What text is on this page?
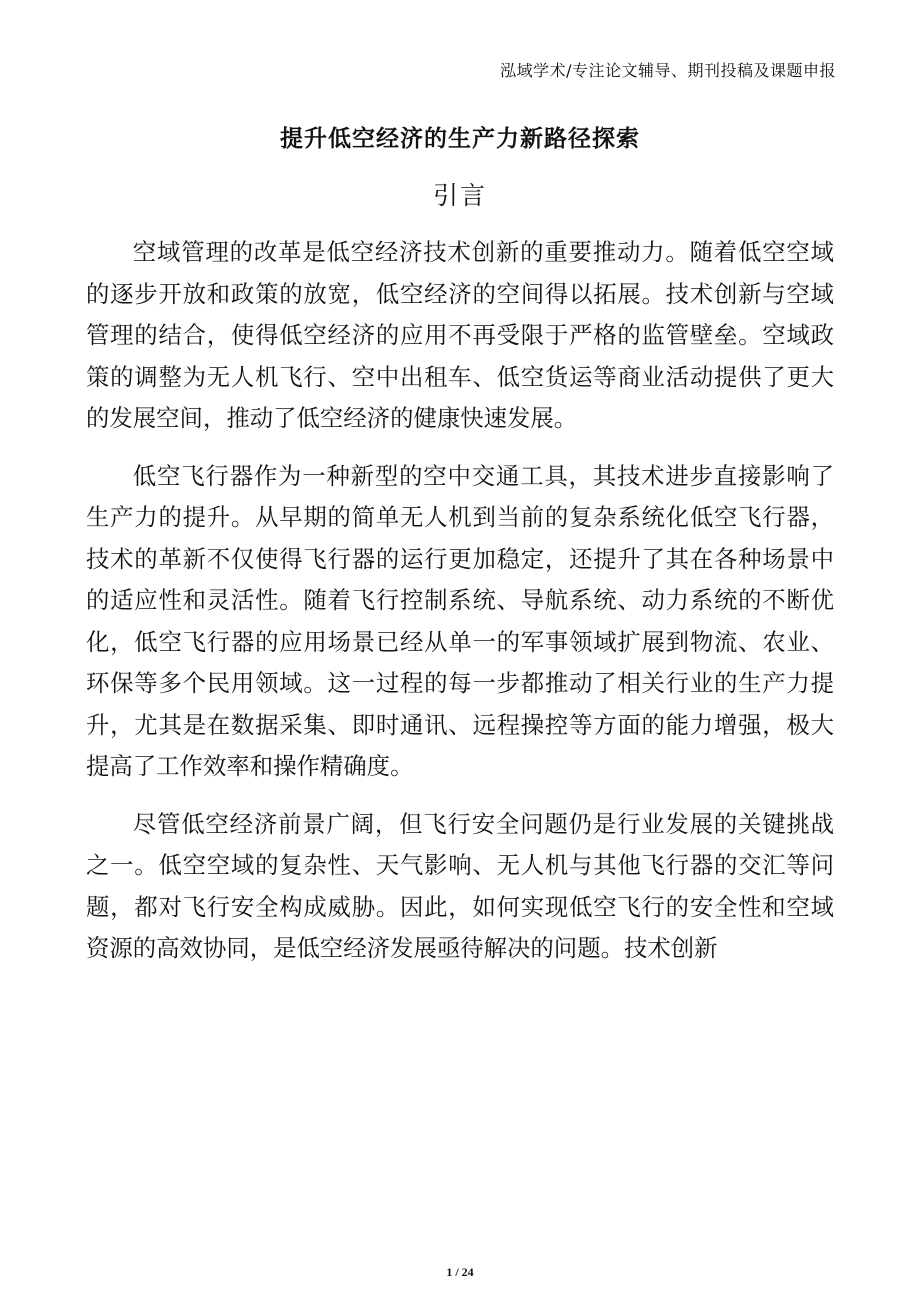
泓域学术/专注论文辅导、期刊投稿及课题申报
提升低空经济的生产力新路径探索
引言

空域管理的改革是低空经济技术创新的重要推动力。随着低空空域的逐步开放和政策的放宽，低空经济的空间得以拓展。技术创新与空域管理的结合，使得低空经济的应用不再受限于严格的监管壁垒。空域政策的调整为无人机飞行、空中出租车、低空货运等商业活动提供了更大的发展空间，推动了低空经济的健康快速发展。

低空飞行器作为一种新型的空中交通工具，其技术进步直接影响了生产力的提升。从早期的简单无人机到当前的复杂系统化低空飞行器，技术的革新不仅使得飞行器的运行更加稳定，还提升了其在各种场景中的适应性和灵活性。随着飞行控制系统、导航系统、动力系统的不断优化，低空飞行器的应用场景已经从单一的军事领域扩展到物流、农业、环保等多个民用领域。这一过程的每一步都推动了相关行业的生产力提升，尤其是在数据采集、即时通讯、远程操控等方面的能力增强，极大提高了工作效率和操作精确度。

尽管低空经济前景广阔，但飞行安全问题仍是行业发展的关键挑战之一。低空空域的复杂性、天气影响、无人机与其他飞行器的交汇等问题，都对飞行安全构成威胁。因此，如何实现低空飞行的安全性和空域资源的高效协同，是低空经济发展亟待解决的问题。技术创新

1 / 24
